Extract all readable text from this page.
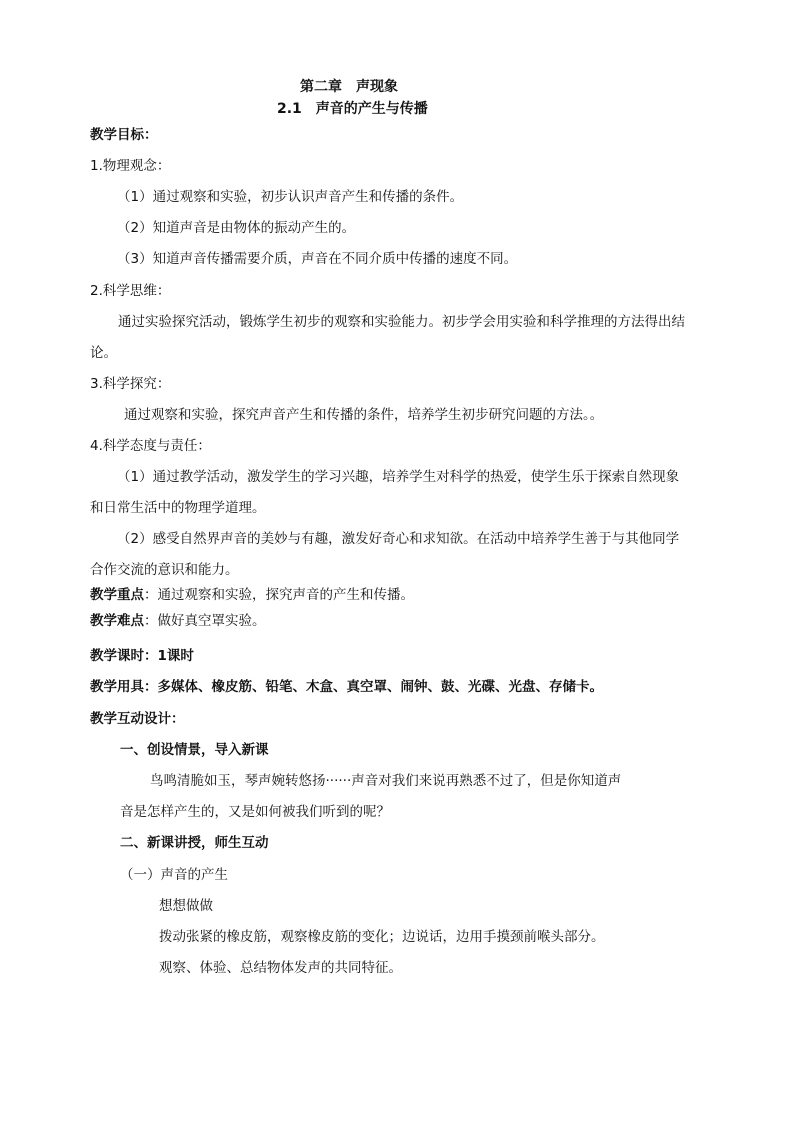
第二章　声现象
2.1　声音的产生与传播
教学目标：
1.物理观念：
（1）通过观察和实验，初步认识声音产生和传播的条件。
（2）知道声音是由物体的振动产生的。
（3）知道声音传播需要介质，声音在不同介质中传播的速度不同。
2.科学思维：
通过实验探究活动，锻炼学生初步的观察和实验能力。初步学会用实验和科学推理的方法得出结
论。
3.科学探究：
通过观察和实验，探究声音产生和传播的条件，培养学生初步研究问题的方法。。
4.科学态度与责任：
（1）通过教学活动，激发学生的学习兴趣，培养学生对科学的热爱，使学生乐于探索自然现象
和日常生活中的物理学道理。
（2）感受自然界声音的美妙与有趣，激发好奇心和求知欲。在活动中培养学生善于与其他同学
合作交流的意识和能力。
教学重点：通过观察和实验，探究声音的产生和传播。
教学难点：做好真空罩实验。
教学课时：1课时
教学用具：多媒体、橡皮筋、铅笔、木盒、真空罩、闹钟、鼓、光碟、光盘、存储卡。
教学互动设计：
一、创设情景，导入新课
鸟鸣清脆如玉，琴声婉转悠扬······声音对我们来说再熟悉不过了，但是你知道声
音是怎样产生的，又是如何被我们听到的呢？
二、新课讲授，师生互动
（一）声音的产生
想想做做
拨动张紧的橡皮筋，观察橡皮筋的变化；边说话，边用手摸颈前喉头部分。
观察、体验、总结物体发声的共同特征。
